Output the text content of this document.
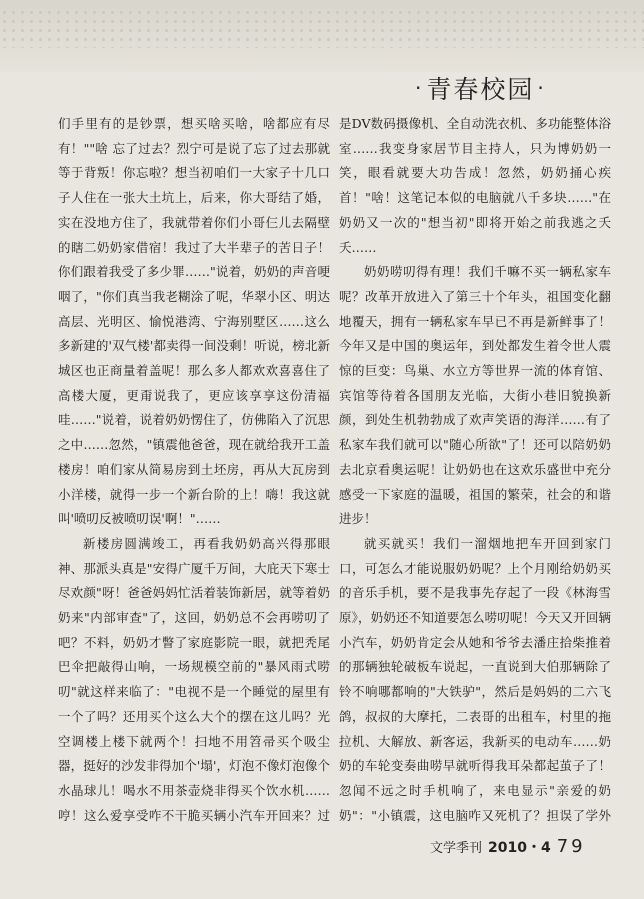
· 青春校园 ·

们手里有的是钞票，想买啥买啥，啥都应有尽有！""啥 忘了过去？烈宁可是说了忘了过去那就等于背叛！你忘啦？想当初咱们一大家子十几口子人住在一张大土坑上，后来，你大哥结了婚，实在没地方住了，我就带着你们小哥仨儿去隔壁的瞎二奶奶家借宿！我过了大半辈子的苦日子！你们跟着我受了多少罪……"说着，奶奶的声音哽咽了，"你们真当我老糊涂了呢，华翠小区、明达高层、光明区、愉悦港湾、宁海别墅区……这么多新建的'双气楼'都卖得一间没剩！听说，榜北新城区也正商量着盖呢！那么多人都欢欢喜喜住了高楼大厦，更甭说我了，更应该享享这份清福哇……"说着，说着奶奶愣住了，仿佛陷入了沉思之中……忽然，"镇震他爸爸，现在就给我开工盖楼房！咱们家从简易房到土坯房，再从大瓦房到小洋楼，就得一步一个新台阶的上！嗨！我这就叫'喷叨反被喷叨误'啊！"……

新楼房圆满竣工，再看我奶奶高兴得那眼神、那派头真是"安得广厦千万间，大庇天下寒士尽欢颜"呀！爸爸妈妈忙活着装饰新居，就等着奶奶来"内部审查"了，这回，奶奶总不会再唠叨了吧？不料，奶奶才瞥了家庭影院一眼，就把秃尾巴伞把敲得山响，一场规模空前的"暴风雨式唠叨"就这样来临了："电视不是一个睡觉的屋里有一个了吗？还用买个这么大个的摆在这儿吗？光空调楼上楼下就两个！扫地不用笤帚买个吸尘器，挺好的沙发非得加个'塌'，灯泡不像灯泡像个水晶球儿！喝水不用茶壶烧非得买个饮水机……哼！这么爱享受咋不干脆买辆小汽车开回来？过

是DV数码摄像机、全自动洗衣机、多功能整体浴室……我变身家居节目主持人，只为博奶奶一笑，眼看就要大功告成！忽然，奶奶捅心疾首！"啥！这笔记本似的电脑就八千多块……"在奶奶又一次的"想当初"即将开始之前我逃之夭夭……

奶奶唠叨得有理！我们千嘛不买一辆私家车呢？改革开放进入了第三十个年头，祖国变化翻地覆天，拥有一辆私家车早已不再是新鲜事了！今年又是中国的奥运年，到处都发生着令世人震惊的巨变：鸟巢、水立方等世界一流的体育馆、宾馆等待着各国朋友光临，大街小巷旧貌换新颜，到处生机勃勃成了欢声笑语的海洋……有了私家车我们就可以"随心所欲"了！还可以陪奶奶去北京看奥运呢！让奶奶也在这欢乐盛世中充分感受一下家庭的温暖，祖国的繁荣，社会的和谐进步！

就买就买！我们一溜烟地把车开回到家门口，可怎么才能说服奶奶呢？上个月刚给奶奶买的音乐手机，要不是我事先存起了一段《林海雪原》，奶奶还不知道要怎么唠叨呢！今天又开回辆小汽车，奶奶肯定会从她和爷爷去潘庄拾柴推着的那辆独轮破板车说起，一直说到大伯那辆除了铃不响哪都响的"大铁驴"，然后是妈妈的二六飞鸽，叔叔的大摩托，二表哥的出租车，村里的拖拉机、大解放、新客运，我新买的电动车……奶奶的车轮变奏曲唠早就听得我耳朵都起茧子了！忽闻不远之时手机响了，来电显示"亲爱的奶奶"："小镇震，这电脑咋又死机了？担误了学外

文学季刊 2010・4 79
